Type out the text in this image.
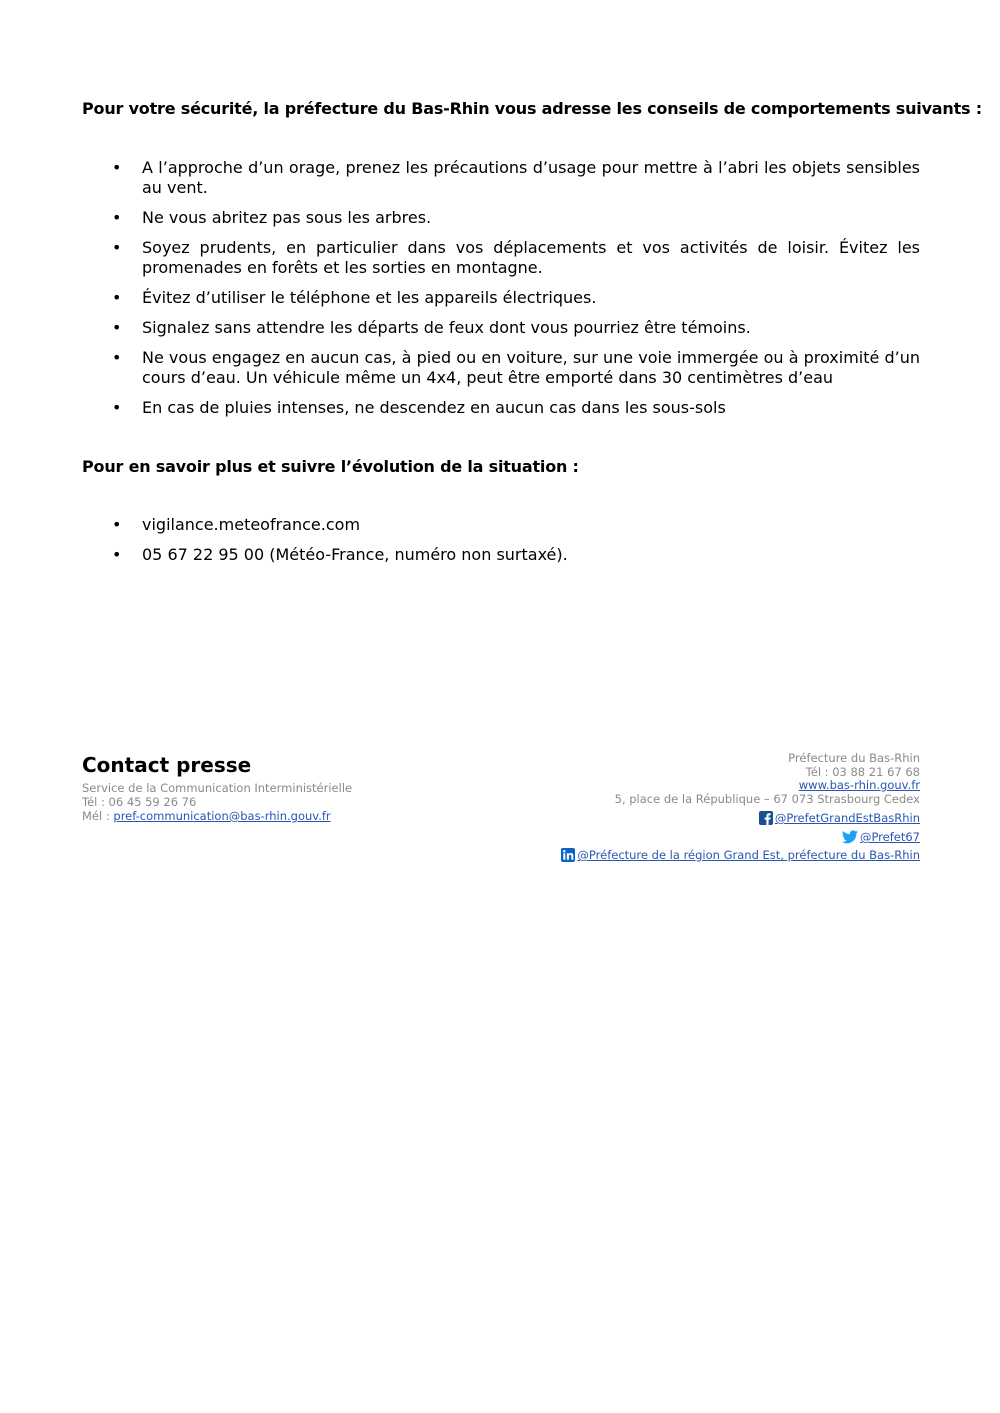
Pour votre sécurité, la préfecture du Bas-Rhin vous adresse les conseils de comportements suivants :
• A l’approche d’un orage, prenez les précautions d’usage pour mettre à l’abri les objets sensibles au vent.
• Ne vous abritez pas sous les arbres.
• Soyez prudents, en particulier dans vos déplacements et vos activités de loisir. Évitez les promenades en forêts et les sorties en montagne.
• Évitez d’utiliser le téléphone et les appareils électriques.
• Signalez sans attendre les départs de feux dont vous pourriez être témoins.
• Ne vous engagez en aucun cas, à pied ou en voiture, sur une voie immergée ou à proximité d’un cours d’eau. Un véhicule même un 4x4, peut être emporté dans 30 centimètres d’eau
• En cas de pluies intenses, ne descendez en aucun cas dans les sous-sols
Pour en savoir plus et suivre l’évolution de la situation :
• vigilance.meteofrance.com
• 05 67 22 95 00 (Météo-France, numéro non surtaxé).
Contact presse
Service de la Communication Interministérielle
Tél : 06 45 59 26 76
Mél : pref-communication@bas-rhin.gouv.fr
Préfecture du Bas-Rhin
Tél : 03 88 21 67 68
www.bas-rhin.gouv.fr
5, place de la République – 67 073 Strasbourg Cedex
@PrefetGrandEstBasRhin
@Prefet67
@Préfecture de la région Grand Est, préfecture du Bas-Rhin
